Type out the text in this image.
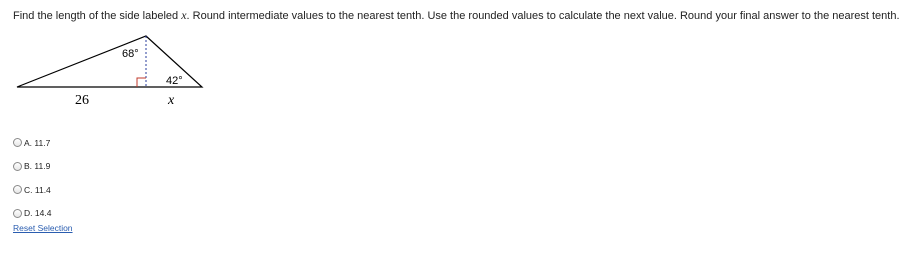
Find the length of the side labeled x. Round intermediate values to the nearest tenth. Use the rounded values to calculate the next value. Round your final answer to the nearest tenth.
68°
42°
26	x
A. 11.7
B. 11.9
C. 11.4
D. 14.4
Reset Selection
